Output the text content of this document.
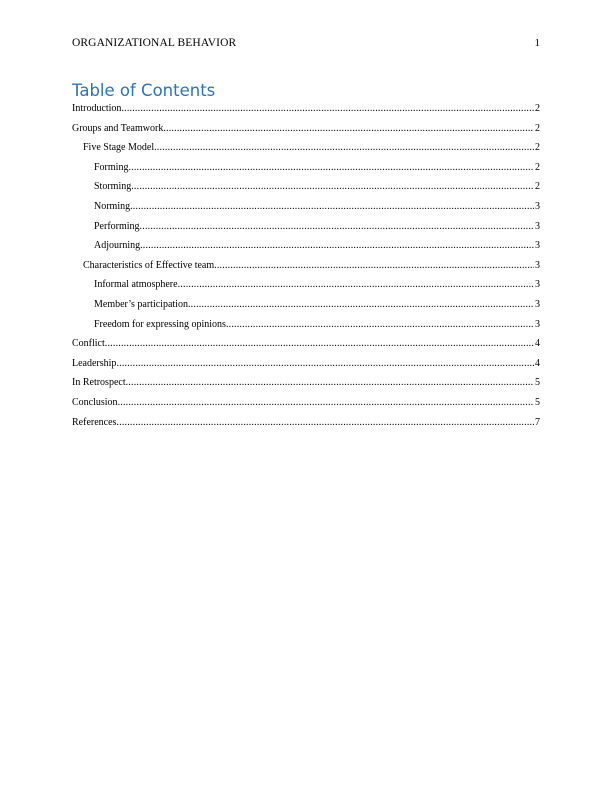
ORGANIZATIONAL BEHAVIOR	1
Table of Contents
Introduction .....	2
Groups and Teamwork .....	2
Five Stage Model .....	2
Forming .....	2
Storming .....	2
Norming .....	3
Performing .....	3
Adjourning .....	3
Characteristics of Effective team .....	3
Informal atmosphere .....	3
Member’s participation .....	3
Freedom for expressing opinions .....	3
Conflict .....	4
Leadership .....	4
In Retrospect .....	5
Conclusion .....	5
References .....	7
